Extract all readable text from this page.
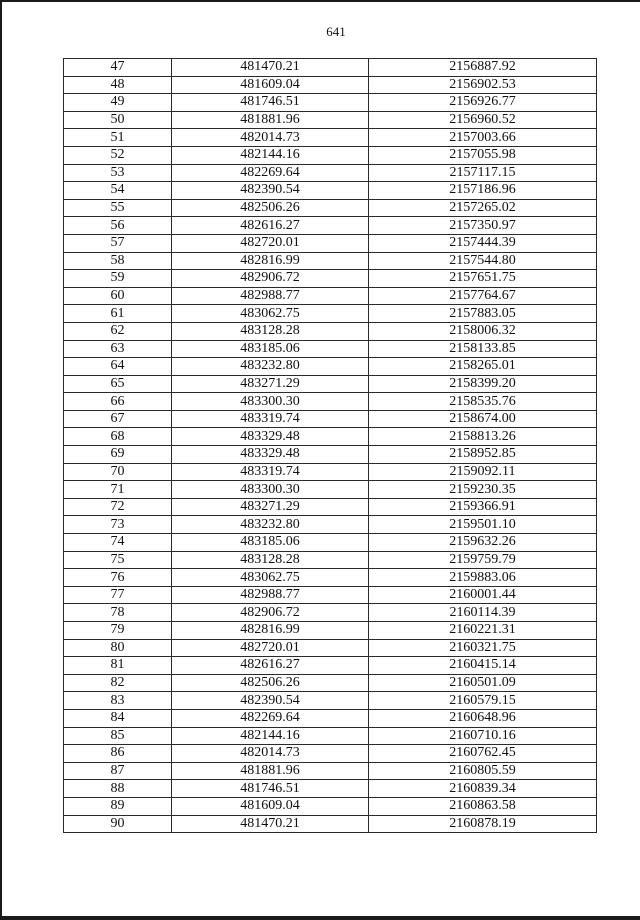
641
47	481470.21	2156887.92
48	481609.04	2156902.53
49	481746.51	2156926.77
50	481881.96	2156960.52
51	482014.73	2157003.66
52	482144.16	2157055.98
53	482269.64	2157117.15
54	482390.54	2157186.96
55	482506.26	2157265.02
56	482616.27	2157350.97
57	482720.01	2157444.39
58	482816.99	2157544.80
59	482906.72	2157651.75
60	482988.77	2157764.67
61	483062.75	2157883.05
62	483128.28	2158006.32
63	483185.06	2158133.85
64	483232.80	2158265.01
65	483271.29	2158399.20
66	483300.30	2158535.76
67	483319.74	2158674.00
68	483329.48	2158813.26
69	483329.48	2158952.85
70	483319.74	2159092.11
71	483300.30	2159230.35
72	483271.29	2159366.91
73	483232.80	2159501.10
74	483185.06	2159632.26
75	483128.28	2159759.79
76	483062.75	2159883.06
77	482988.77	2160001.44
78	482906.72	2160114.39
79	482816.99	2160221.31
80	482720.01	2160321.75
81	482616.27	2160415.14
82	482506.26	2160501.09
83	482390.54	2160579.15
84	482269.64	2160648.96
85	482144.16	2160710.16
86	482014.73	2160762.45
87	481881.96	2160805.59
88	481746.51	2160839.34
89	481609.04	2160863.58
90	481470.21	2160878.19
